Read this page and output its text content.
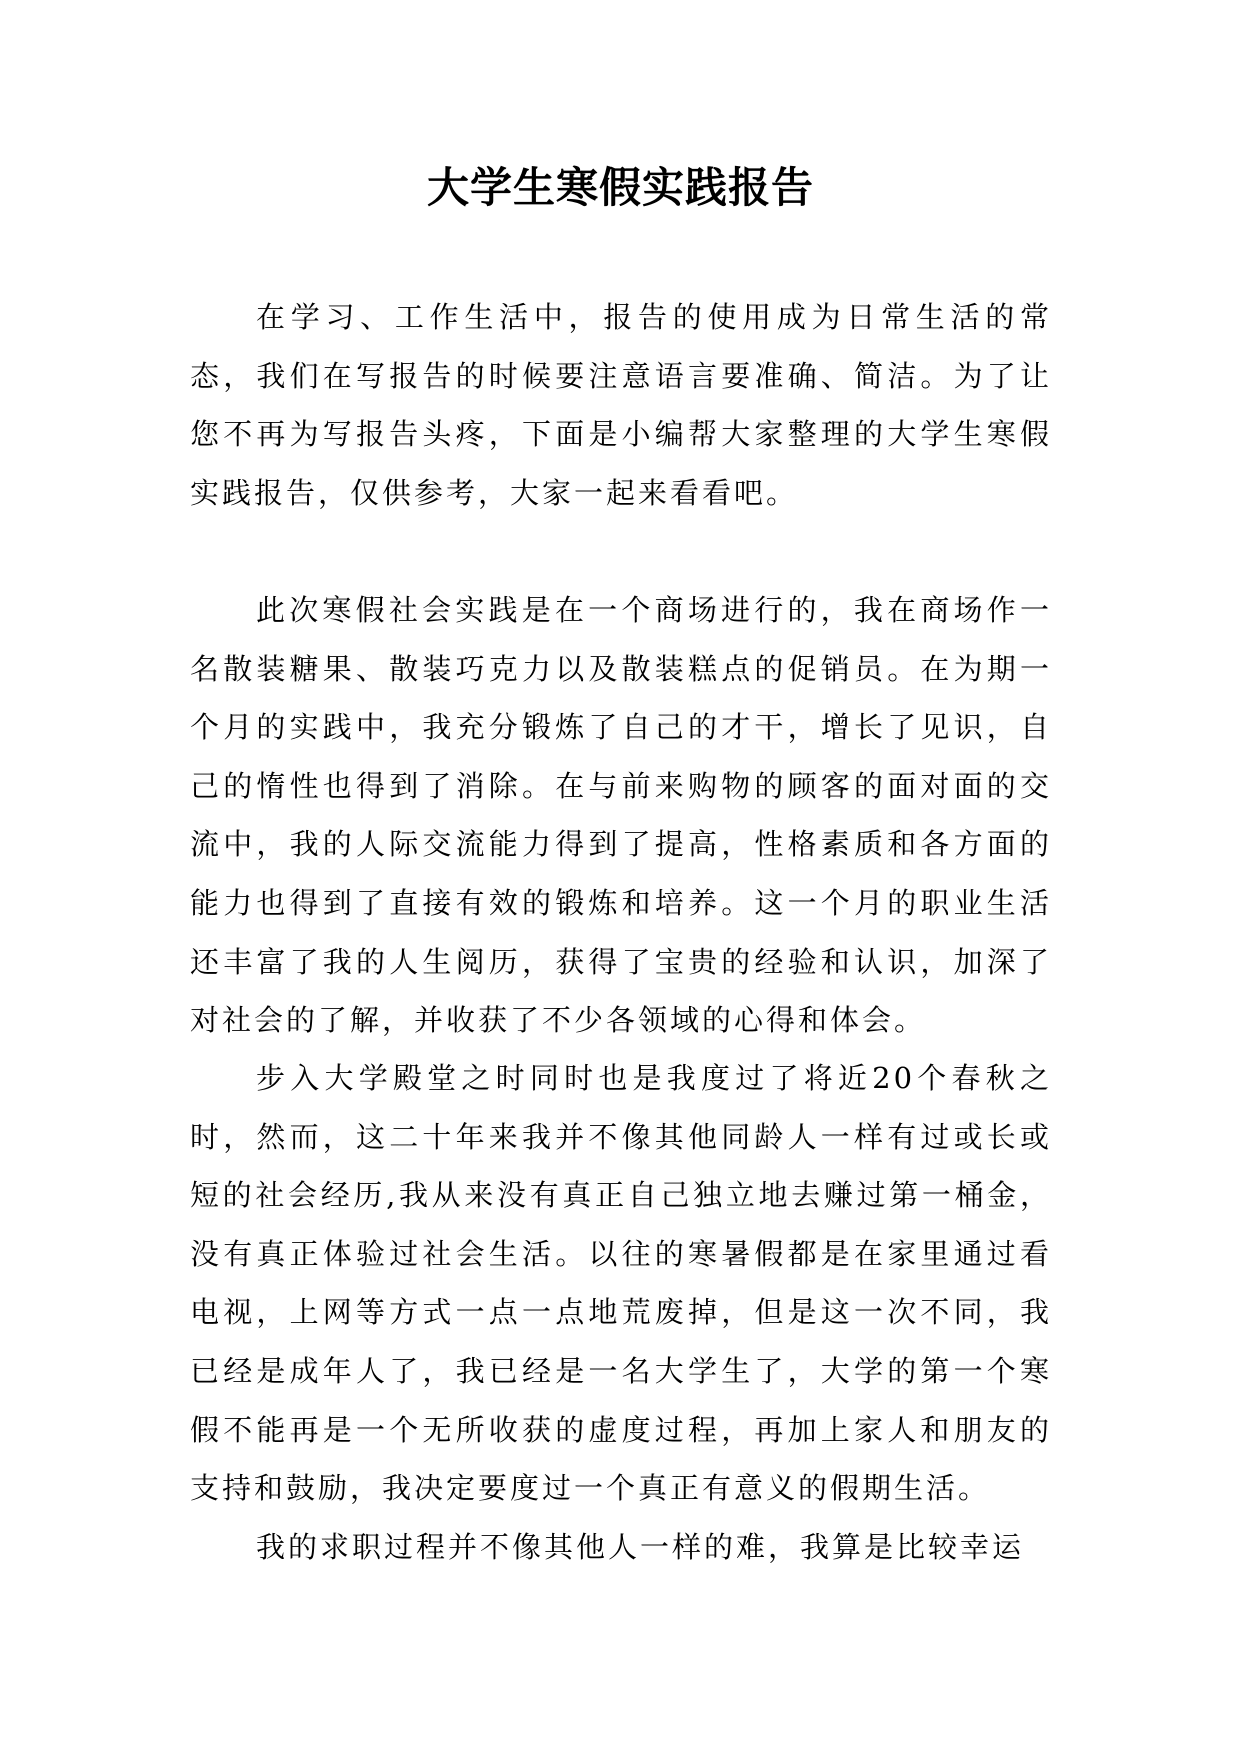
大学生寒假实践报告

在学习、工作生活中，报告的使用成为日常生活的常态，我们在写报告的时候要注意语言要准确、简洁。为了让您不再为写报告头疼，下面是小编帮大家整理的大学生寒假实践报告，仅供参考，大家一起来看看吧。

此次寒假社会实践是在一个商场进行的，我在商场作一名散装糖果、散装巧克力以及散装糕点的促销员。在为期一个月的实践中，我充分锻炼了自己的才干，增长了见识，自己的惰性也得到了消除。在与前来购物的顾客的面对面的交流中，我的人际交流能力得到了提高，性格素质和各方面的能力也得到了直接有效的锻炼和培养。这一个月的职业生活还丰富了我的人生阅历，获得了宝贵的经验和认识，加深了对社会的了解，并收获了不少各领域的心得和体会。

步入大学殿堂之时同时也是我度过了将近20个春秋之时，然而，这二十年来我并不像其他同龄人一样有过或长或短的社会经历,我从来没有真正自己独立地去赚过第一桶金，没有真正体验过社会生活。以往的寒暑假都是在家里通过看电视，上网等方式一点一点地荒废掉，但是这一次不同，我已经是成年人了，我已经是一名大学生了，大学的第一个寒假不能再是一个无所收获的虚度过程，再加上家人和朋友的支持和鼓励，我决定要度过一个真正有意义的假期生活。

我的求职过程并不像其他人一样的难，我算是比较幸运
